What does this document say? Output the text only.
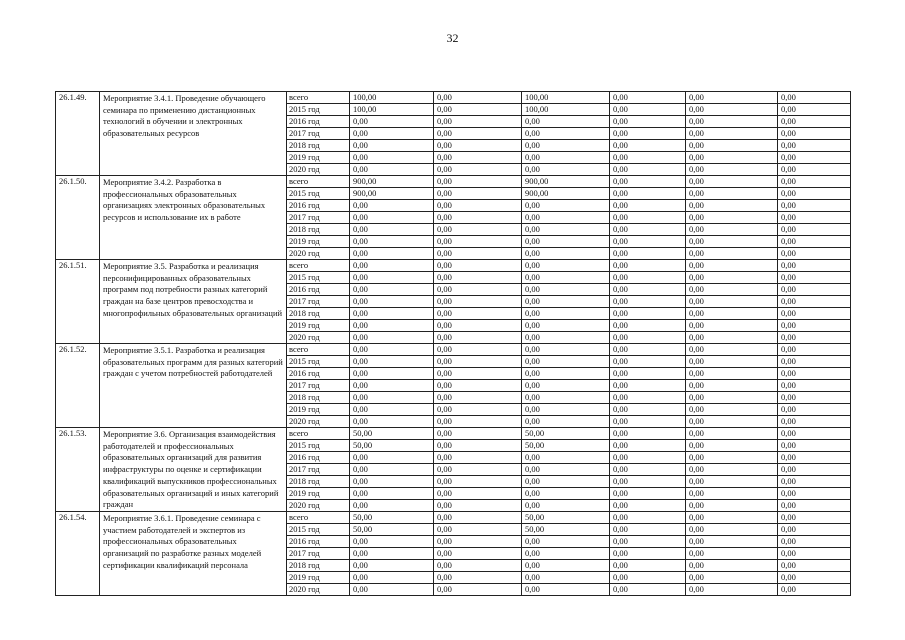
32
26.1.49.	Мероприятие 3.4.1. Проведение обучающего семинара по применению дистанционных технологий в обучении и электронных образовательных ресурсов	всего	100,00	0,00	100,00	0,00	0,00	0,00
		2015 год	100,00	0,00	100,00	0,00	0,00	0,00
		2016 год	0,00	0,00	0,00	0,00	0,00	0,00
		2017 год	0,00	0,00	0,00	0,00	0,00	0,00
		2018 год	0,00	0,00	0,00	0,00	0,00	0,00
		2019 год	0,00	0,00	0,00	0,00	0,00	0,00
		2020 год	0,00	0,00	0,00	0,00	0,00	0,00
26.1.50.	Мероприятие 3.4.2. Разработка в профессиональных образовательных организациях электронных образовательных ресурсов и использование их в работе	всего	900,00	0,00	900,00	0,00	0,00	0,00
		2015 год	900,00	0,00	900,00	0,00	0,00	0,00
		2016 год	0,00	0,00	0,00	0,00	0,00	0,00
		2017 год	0,00	0,00	0,00	0,00	0,00	0,00
		2018 год	0,00	0,00	0,00	0,00	0,00	0,00
		2019 год	0,00	0,00	0,00	0,00	0,00	0,00
		2020 год	0,00	0,00	0,00	0,00	0,00	0,00
26.1.51.	Мероприятие 3.5. Разработка и реализация персонифицированных образовательных программ под потребности разных категорий граждан на базе центров превосходства и многопрофильных образовательных организаций	всего	0,00	0,00	0,00	0,00	0,00	0,00
		2015 год	0,00	0,00	0,00	0,00	0,00	0,00
		2016 год	0,00	0,00	0,00	0,00	0,00	0,00
		2017 год	0,00	0,00	0,00	0,00	0,00	0,00
		2018 год	0,00	0,00	0,00	0,00	0,00	0,00
		2019 год	0,00	0,00	0,00	0,00	0,00	0,00
		2020 год	0,00	0,00	0,00	0,00	0,00	0,00
26.1.52.	Мероприятие 3.5.1. Разработка и реализация образовательных программ для разных категорий граждан с учетом потребностей работодателей	всего	0,00	0,00	0,00	0,00	0,00	0,00
		2015 год	0,00	0,00	0,00	0,00	0,00	0,00
		2016 год	0,00	0,00	0,00	0,00	0,00	0,00
		2017 год	0,00	0,00	0,00	0,00	0,00	0,00
		2018 год	0,00	0,00	0,00	0,00	0,00	0,00
		2019 год	0,00	0,00	0,00	0,00	0,00	0,00
		2020 год	0,00	0,00	0,00	0,00	0,00	0,00
26.1.53.	Мероприятие 3.6. Организация взаимодействия работодателей и профессиональных образовательных организаций для развития инфраструктуры по оценке и сертификации квалификаций выпускников профессиональных образовательных организаций и иных категорий граждан	всего	50,00	0,00	50,00	0,00	0,00	0,00
		2015 год	50,00	0,00	50,00	0,00	0,00	0,00
		2016 год	0,00	0,00	0,00	0,00	0,00	0,00
		2017 год	0,00	0,00	0,00	0,00	0,00	0,00
		2018 год	0,00	0,00	0,00	0,00	0,00	0,00
		2019 год	0,00	0,00	0,00	0,00	0,00	0,00
		2020 год	0,00	0,00	0,00	0,00	0,00	0,00
26.1.54.	Мероприятие 3.6.1. Проведение семинара с участием работодателей и экспертов из профессиональных образовательных организаций по разработке разных моделей сертификации квалификаций персонала	всего	50,00	0,00	50,00	0,00	0,00	0,00
		2015 год	50,00	0,00	50,00	0,00	0,00	0,00
		2016 год	0,00	0,00	0,00	0,00	0,00	0,00
		2017 год	0,00	0,00	0,00	0,00	0,00	0,00
		2018 год	0,00	0,00	0,00	0,00	0,00	0,00
		2019 год	0,00	0,00	0,00	0,00	0,00	0,00
		2020 год	0,00	0,00	0,00	0,00	0,00	0,00
